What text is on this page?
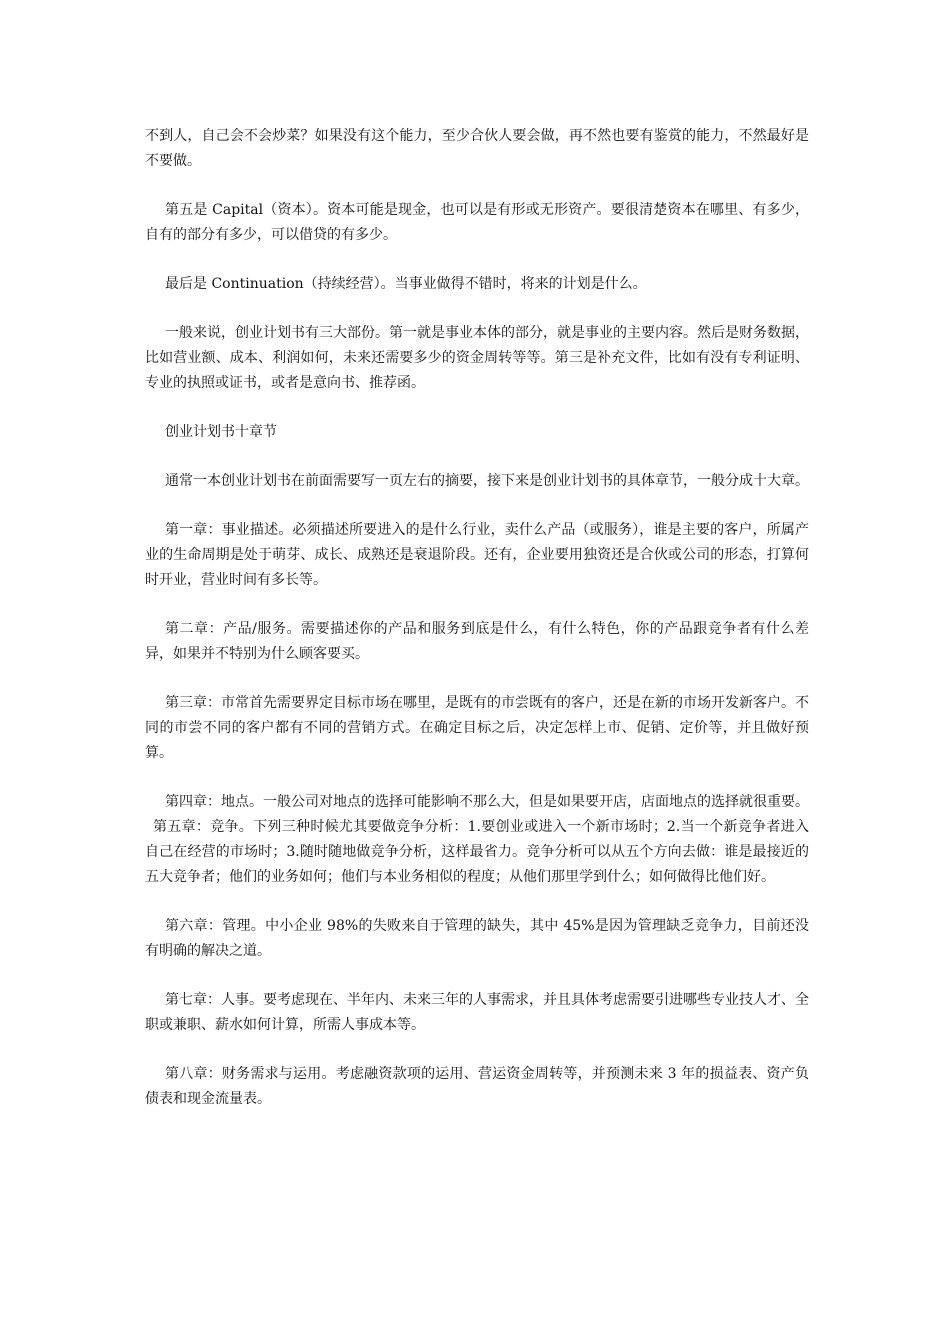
不到人，自己会不会炒菜？如果没有这个能力，至少合伙人要会做，再不然也要有鉴赏的能力，不然最好是不要做。

第五是 Capital（资本）。资本可能是现金，也可以是有形或无形资产。要很清楚资本在哪里、有多少，自有的部分有多少，可以借贷的有多少。

最后是 Continuation（持续经营）。当事业做得不错时，将来的计划是什么。

一般来说，创业计划书有三大部份。第一就是事业本体的部分，就是事业的主要内容。然后是财务数据，比如营业额、成本、利润如何，未来还需要多少的资金周转等等。第三是补充文件，比如有没有专利证明、专业的执照或证书，或者是意向书、推荐函。

创业计划书十章节

通常一本创业计划书在前面需要写一页左右的摘要，接下来是创业计划书的具体章节，一般分成十大章。

第一章：事业描述。必须描述所要进入的是什么行业，卖什么产品（或服务），谁是主要的客户，所属产业的生命周期是处于萌芽、成长、成熟还是衰退阶段。还有，企业要用独资还是合伙或公司的形态，打算何时开业，营业时间有多长等。

第二章：产品/服务。需要描述你的产品和服务到底是什么，有什么特色，你的产品跟竞争者有什么差异，如果并不特别为什么顾客要买。

第三章：市常首先需要界定目标市场在哪里，是既有的市尝既有的客户，还是在新的市场开发新客户。不同的市尝不同的客户都有不同的营销方式。在确定目标之后，决定怎样上市、促销、定价等，并且做好预算。

第四章：地点。一般公司对地点的选择可能影响不那么大，但是如果要开店，店面地点的选择就很重要。

第五章：竞争。下列三种时候尤其要做竞争分析：1.要创业或进入一个新市场时；2.当一个新竞争者进入自己在经营的市场时；3.随时随地做竞争分析，这样最省力。竞争分析可以从五个方向去做：谁是最接近的五大竞争者；他们的业务如何；他们与本业务相似的程度；从他们那里学到什么；如何做得比他们好。

第六章：管理。中小企业 98%的失败来自于管理的缺失，其中 45%是因为管理缺乏竞争力，目前还没有明确的解决之道。

第七章：人事。要考虑现在、半年内、未来三年的人事需求，并且具体考虑需要引进哪些专业技人才、全职或兼职、薪水如何计算，所需人事成本等。

第八章：财务需求与运用。考虑融资款项的运用、营运资金周转等，并预测未来 3 年的损益表、资产负债表和现金流量表。
